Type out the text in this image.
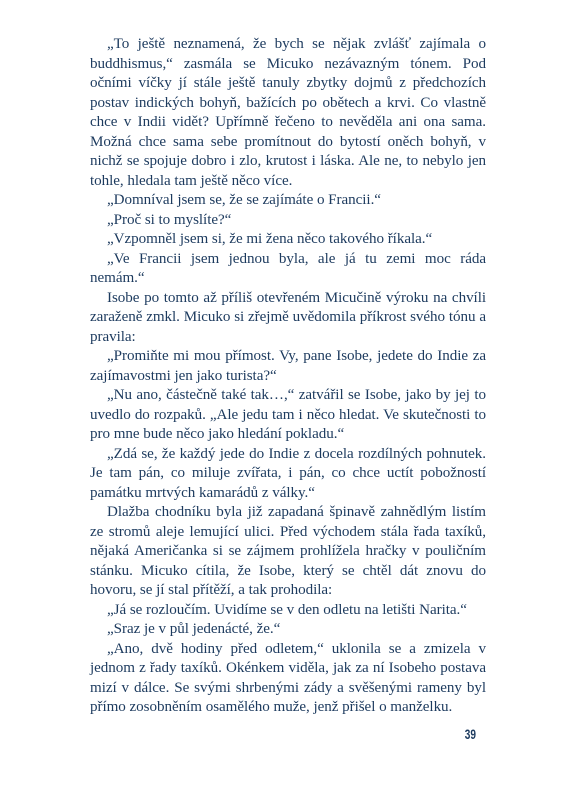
„To ještě neznamená, že bych se nějak zvlášť zajímala o buddhismus,“ zasmála se Micuko nezávazným tónem. Pod očními víčky jí stále ještě tanuly zbytky dojmů z předchozích postav indických bohyň, bažících po obětech a krvi. Co vlastně chce v Indii vidět? Upřímně řečeno to nevěděla ani ona sama. Možná chce sama sebe promítnout do bytostí oněch bohyň, v nichž se spojuje dobro i zlo, krutost i láska. Ale ne, to nebylo jen tohle, hledala tam ještě něco více.

„Domníval jsem se, že se zajímáte o Francii.“

„Proč si to myslíte?“

„Vzpomněl jsem si, že mi žena něco takového říkala.“

„Ve Francii jsem jednou byla, ale já tu zemi moc ráda nemám.“

Isobe po tomto až příliš otevřeném Micučině výroku na chvíli zaraženě zmkl. Micuko si zřejmě uvědomila příkrost svého tónu a pravila:

„Promiňte mi mou přímost. Vy, pane Isobe, jedete do Indie za zajímavostmi jen jako turista?“

„Nu ano, částečně také tak…,“ zatvářil se Isobe, jako by jej to uvedlo do rozpaků. „Ale jedu tam i něco hledat. Ve skutečnosti to pro mne bude něco jako hledání pokladu.“

„Zdá se, že každý jede do Indie z docela rozdílných pohnutek. Je tam pán, co miluje zvířata, i pán, co chce uctít pobožností památku mrtvých kamarádů z války.“

Dlažba chodníku byla již zapadaná špinavě zahnědlým listím ze stromů aleje lemující ulici. Před východem stála řada taxíků, nějaká Američanka si se zájmem prohlížela hračky v pouličním stánku. Micuko cítila, že Isobe, který se chtěl dát znovu do hovoru, se jí stal přítěží, a tak prohodila:

„Já se rozloučím. Uvidíme se v den odletu na letišti Narita.“

„Sraz je v půl jedenácté, že.“

„Ano, dvě hodiny před odletem,“ uklonila se a zmizela v jednom z řady taxíků. Okénkem viděla, jak za ní Isobeho postava mizí v dálce. Se svými shrbenými zády a svěšenými rameny byl přímo zosobněním osamělého muže, jenž přišel o manželku.

39
